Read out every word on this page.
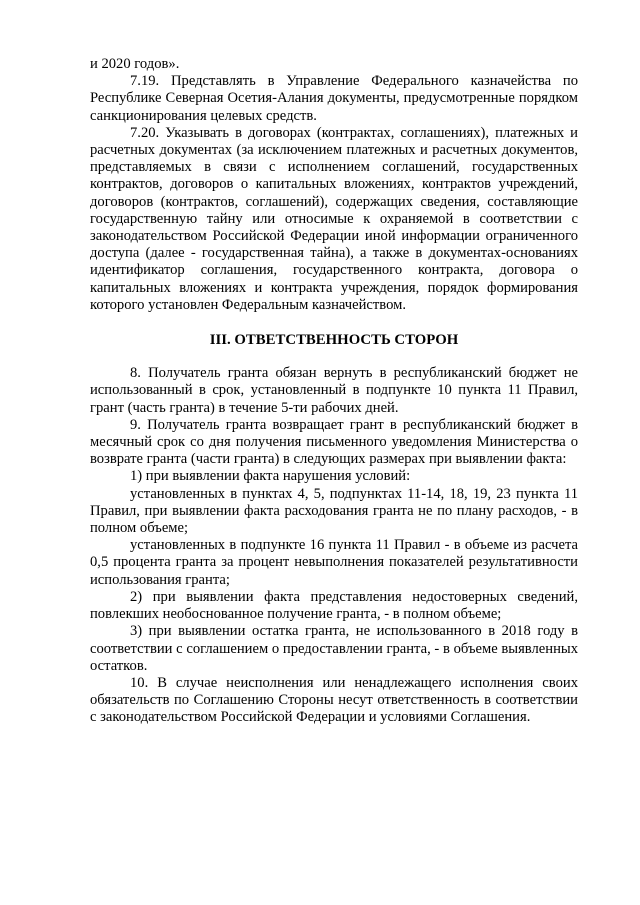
и 2020 годов».

7.19. Представлять в Управление Федерального казначейства по Республике Северная Осетия-Алания документы, предусмотренные порядком санкционирования целевых средств.

7.20. Указывать в договорах (контрактах, соглашениях), платежных и расчетных документах (за исключением платежных и расчетных документов, представляемых в связи с исполнением соглашений, государственных контрактов, договоров о капитальных вложениях, контрактов учреждений, договоров (контрактов, соглашений), содержащих сведения, составляющие государственную тайну или относимые к охраняемой в соответствии с законодательством Российской Федерации иной информации ограниченного доступа (далее - государственная тайна), а также в документах-основаниях идентификатор соглашения, государственного контракта, договора о капитальных вложениях и контракта учреждения, порядок формирования которого установлен Федеральным казначейством.

III. ОТВЕТСТВЕННОСТЬ СТОРОН

8. Получатель гранта обязан вернуть в республиканский бюджет не использованный в срок, установленный в подпункте 10 пункта 11 Правил, грант (часть гранта) в течение 5-ти рабочих дней.

9. Получатель гранта возвращает грант в республиканский бюджет в месячный срок со дня получения письменного уведомления Министерства о возврате гранта (части гранта) в следующих размерах при выявлении факта:

1) при выявлении факта нарушения условий:

установленных в пунктах 4, 5, подпунктах 11-14, 18, 19, 23 пункта 11 Правил, при выявлении факта расходования гранта не по плану расходов, - в полном объеме;

установленных в подпункте 16 пункта 11 Правил - в объеме из расчета 0,5 процента гранта за процент невыполнения показателей результативности использования гранта;

2) при выявлении факта представления недостоверных сведений, повлекших необоснованное получение гранта, - в полном объеме;

3) при выявлении остатка гранта, не использованного в 2018 году в соответствии с соглашением о предоставлении гранта, - в объеме выявленных остатков.

10. В случае неисполнения или ненадлежащего исполнения своих обязательств по Соглашению Стороны несут ответственность в соответствии с законодательством Российской Федерации и условиями Соглашения.
